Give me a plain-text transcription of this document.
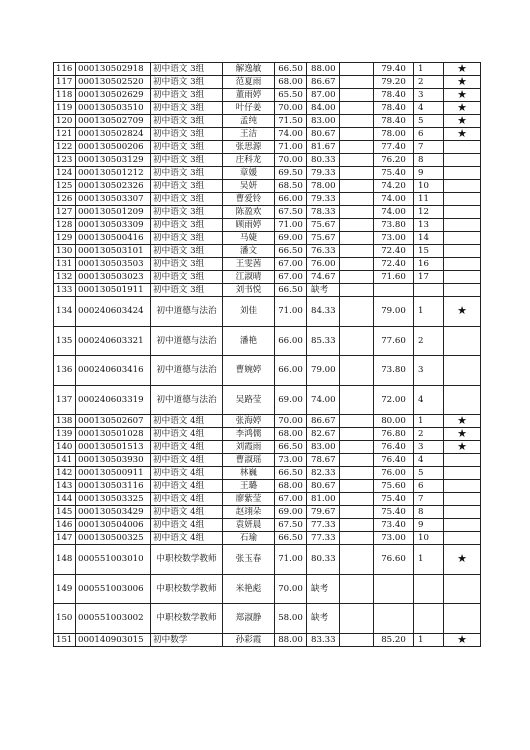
116	000130502918	初中语文 3组	解逸敏	66.50	88.00		79.40	1	★
117	000130502520	初中语文 3组	范夏雨	68.00	86.67		79.20	2	★
118	000130502629	初中语文 3组	董雨婷	65.50	87.00		78.40	3	★
119	000130503510	初中语文 3组	叶仔姜	70.00	84.00		78.40	4	★
120	000130502709	初中语文 3组	孟纯	71.50	83.00		78.40	5	★
121	000130502824	初中语文 3组	王洁	74.00	80.67		78.00	6	★
122	000130500206	初中语文 3组	张思源	71.00	81.67		77.40	7	
123	000130503129	初中语文 3组	庄科龙	70.00	80.33		76.20	8	
124	000130501212	初中语文 3组	章媛	69.50	79.33		75.40	9	
125	000130502326	初中语文 3组	吴妍	68.50	78.00		74.20	10	
126	000130503307	初中语文 3组	曹爱铃	66.00	79.33		74.00	11	
127	000130501209	初中语文 3组	陈盈欢	67.50	78.33		74.00	12	
128	000130503309	初中语文 3组	顾雨婷	71.00	75.67		73.80	13	
129	000130500416	初中语文 3组	马婕	69.00	75.67		73.00	14	
130	000130503101	初中语文 3组	潘文	66.50	76.33		72.40	15	
131	000130503503	初中语文 3组	王雯茜	67.00	76.00		72.40	16	
132	000130503023	初中语文 3组	江淑晴	67.00	74.67		71.60	17	
133	000130501911	初中语文 3组	刘书悦	66.50	缺考				
134	000240603424	初中道德与法治	刘佳	71.00	84.33		79.00	1	★
135	000240603321	初中道德与法治	潘艳	66.00	85.33		77.60	2	
136	000240603416	初中道德与法治	曹婉婷	66.00	79.00		73.80	3	
137	000240603319	初中道德与法治	吴路莹	69.00	74.00		72.00	4	
138	000130502607	初中语文 4组	张海婷	70.00	86.67		80.00	1	★
139	000130501028	初中语文 4组	李鸿儒	68.00	82.67		76.80	2	★
140	000130501513	初中语文 4组	刘霞雨	66.50	83.00		76.40	3	★
141	000130503930	初中语文 4组	曹淑瑶	73.00	78.67		76.40	4	
142	000130500911	初中语文 4组	林巍	66.50	82.33		76.00	5	
143	000130503116	初中语文 4组	王璐	68.00	80.67		75.60	6	
144	000130503325	初中语文 4组	廖紫莹	67.00	81.00		75.40	7	
145	000130503429	初中语文 4组	赵翊朵	69.00	79.67		75.40	8	
146	000130504006	初中语文 4组	袁妍晨	67.50	77.33		73.40	9	
147	000130500325	初中语文 4组	石瑜	66.50	77.33		73.00	10	
148	000551003010	中职校数学教师	张玉春	71.00	80.33		76.60	1	★
149	000551003006	中职校数学教师	米艳彪	70.00	缺考				
150	000551003002	中职校数学教师	郑淑静	58.00	缺考				
151	000140903015	初中数学	孙彩霞	88.00	83.33		85.20	1	★
